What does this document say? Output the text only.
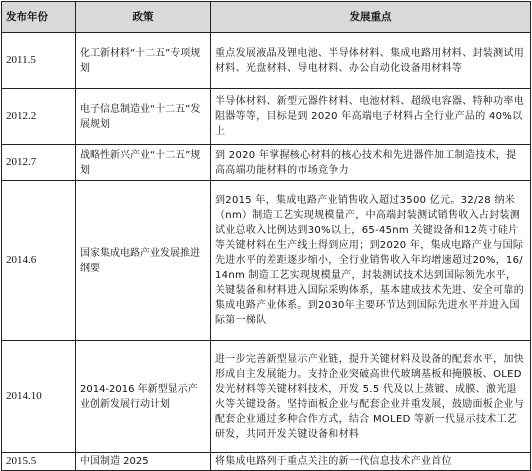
发布年份	政策	发展重点
2011.5	化工新材料“十二五”专项规划	重点发展液晶及锂电池、半导体材料、集成电路用材料、封装测试用材料、光盘材料、导电材料、办公自动化设备用材料等
2012.2	电子信息制造业“十二五”发展规划	半导体材料、新型元器件材料、电池材料、超级电容器、特种功率电阻器等等，目标是到 2020 年高端电子材料占全行业产品的 40%以上
2012.7	战略性新兴产业“十二五”规划	到 2020 年掌握核心材料的核心技术和先进器件加工制造技术，提高高端功能材料的市场竞争力
2014.6	国家集成电路产业发展推进纲要	到2015 年，集成电路产业销售收入超过3500 亿元。32/28 纳米（nm）制造工艺实现规模量产，中高端封装测试销售收入占封装测试业总收入比例达到30%以上，65-45nm 关键设备和12英寸硅片等关键材料在生产线上得到应用；到2020 年，集成电路产业与国际先进水平的差距逐步缩小，全行业销售收入年均增速超过20%，16/14nm 制造工艺实现规模量产，封装测试技术达到国际领先水平，关键装备和材料进入国际采购体系，基本建成技术先进、安全可靠的集成电路产业体系。到2030年主要环节达到国际先进水平并进入国际第一梯队
2014.10	2014-2016 年新型显示产业创新发展行动计划	进一步完善新型显示产业链，提升关键材料及设备的配套水平，加快形成自主发展能力。支持企业突破高世代玻璃基板和掩膜板、OLED 发光材料等关键材料技术，开发 5.5 代及以上蒸镀、成膜、激光退火等关键设备。坚持面板企业与配套企业并重发展，鼓励面板企业与配套企业通过多种合作方式，结合 MOLED 等新一代显示技术工艺研发，共同开发关键设备和材料
2015.5	中国制造 2025	将集成电路列于重点关注的新一代信息技术产业首位
